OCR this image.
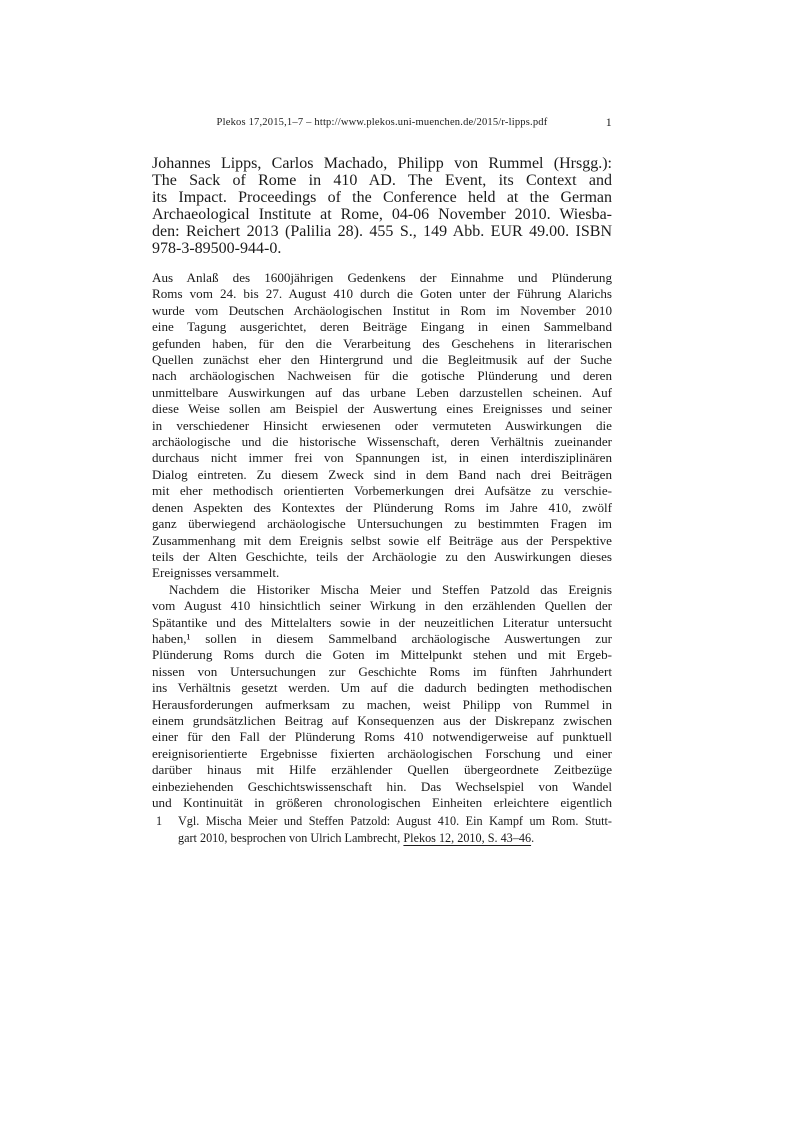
Plekos 17,2015,1–7 – http://www.plekos.uni-muenchen.de/2015/r-lipps.pdf	1
Johannes Lipps, Carlos Machado, Philipp von Rummel (Hrsgg.):
The Sack of Rome in 410 AD. The Event, its Context and
its Impact. Proceedings of the Conference held at the German
Archaeological Institute at Rome, 04-06 November 2010. Wiesba-
den: Reichert 2013 (Palilia 28). 455 S., 149 Abb. EUR 49.00. ISBN
978-3-89500-944-0.
Aus Anlaß des 1600jährigen Gedenkens der Einnahme und Plünderung
Roms vom 24. bis 27. August 410 durch die Goten unter der Führung Alarichs
wurde vom Deutschen Archäologischen Institut in Rom im November 2010
eine Tagung ausgerichtet, deren Beiträge Eingang in einen Sammelband
gefunden haben, für den die Verarbeitung des Geschehens in literarischen
Quellen zunächst eher den Hintergrund und die Begleitmusik auf der Suche
nach archäologischen Nachweisen für die gotische Plünderung und deren
unmittelbare Auswirkungen auf das urbane Leben darzustellen scheinen. Auf
diese Weise sollen am Beispiel der Auswertung eines Ereignisses und seiner
in verschiedener Hinsicht erwiesenen oder vermuteten Auswirkungen die
archäologische und die historische Wissenschaft, deren Verhältnis zueinander
durchaus nicht immer frei von Spannungen ist, in einen interdisziplinären
Dialog eintreten. Zu diesem Zweck sind in dem Band nach drei Beiträgen
mit eher methodisch orientierten Vorbemerkungen drei Aufsätze zu verschie-
denen Aspekten des Kontextes der Plünderung Roms im Jahre 410, zwölf
ganz überwiegend archäologische Untersuchungen zu bestimmten Fragen im
Zusammenhang mit dem Ereignis selbst sowie elf Beiträge aus der Perspektive
teils der Alten Geschichte, teils der Archäologie zu den Auswirkungen dieses
Ereignisses versammelt.
Nachdem die Historiker Mischa Meier und Steffen Patzold das Ereignis
vom August 410 hinsichtlich seiner Wirkung in den erzählenden Quellen der
Spätantike und des Mittelalters sowie in der neuzeitlichen Literatur untersucht
haben,¹ sollen in diesem Sammelband archäologische Auswertungen zur
Plünderung Roms durch die Goten im Mittelpunkt stehen und mit Ergeb-
nissen von Untersuchungen zur Geschichte Roms im fünften Jahrhundert
ins Verhältnis gesetzt werden. Um auf die dadurch bedingten methodischen
Herausforderungen aufmerksam zu machen, weist Philipp von Rummel in
einem grundsätzlichen Beitrag auf Konsequenzen aus der Diskrepanz zwischen
einer für den Fall der Plünderung Roms 410 notwendigerweise auf punktuell
ereignisorientierte Ergebnisse fixierten archäologischen Forschung und einer
darüber hinaus mit Hilfe erzählender Quellen übergeordnete Zeitbezüge
einbeziehenden Geschichtswissenschaft hin. Das Wechselspiel von Wandel
und Kontinuität in größeren chronologischen Einheiten erleichtere eigentlich
1 Vgl. Mischa Meier und Steffen Patzold: August 410. Ein Kampf um Rom. Stutt-
gart 2010, besprochen von Ulrich Lambrecht, Plekos 12, 2010, S. 43–46.
